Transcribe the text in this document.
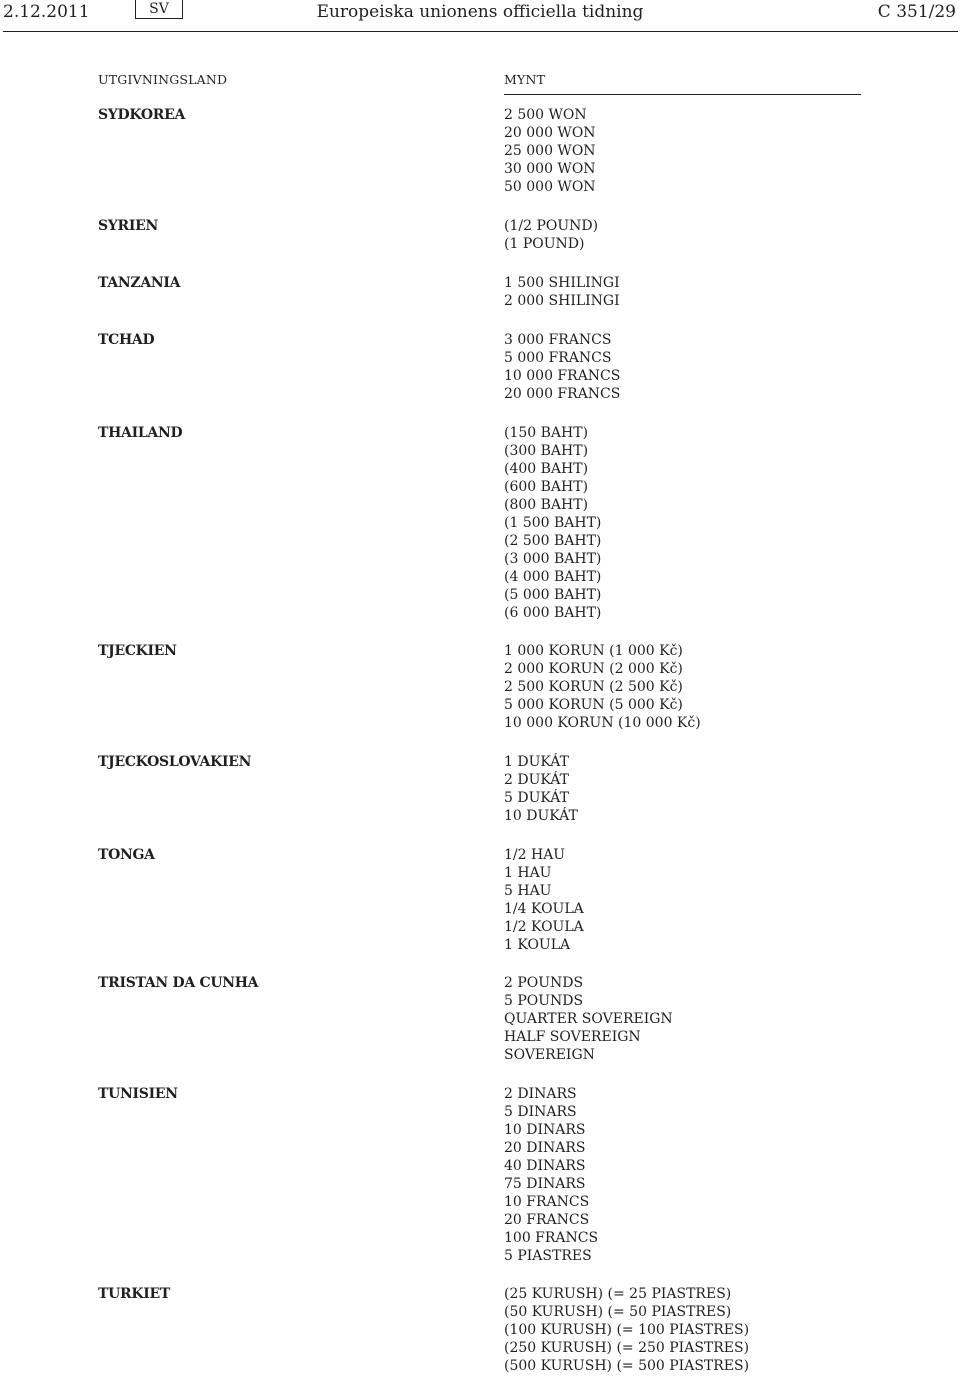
2.12.2011	SV	Europeiska unionens officiella tidning	C 351/29
UTGIVNINGSLAND	MYNT
SYDKOREA	2 500 WON
20 000 WON
25 000 WON
30 000 WON
50 000 WON
SYRIEN	(1/2 POUND)
(1 POUND)
TANZANIA	1 500 SHILINGI
2 000 SHILINGI
TCHAD	3 000 FRANCS
5 000 FRANCS
10 000 FRANCS
20 000 FRANCS
THAILAND	(150 BAHT)
(300 BAHT)
(400 BAHT)
(600 BAHT)
(800 BAHT)
(1 500 BAHT)
(2 500 BAHT)
(3 000 BAHT)
(4 000 BAHT)
(5 000 BAHT)
(6 000 BAHT)
TJECKIEN	1 000 KORUN (1 000 Kč)
2 000 KORUN (2 000 Kč)
2 500 KORUN (2 500 Kč)
5 000 KORUN (5 000 Kč)
10 000 KORUN (10 000 Kč)
TJECKOSLOVAKIEN	1 DUKÁT
2 DUKÁT
5 DUKÁT
10 DUKÁT
TONGA	1/2 HAU
1 HAU
5 HAU
1/4 KOULA
1/2 KOULA
1 KOULA
TRISTAN DA CUNHA	2 POUNDS
5 POUNDS
QUARTER SOVEREIGN
HALF SOVEREIGN
SOVEREIGN
TUNISIEN	2 DINARS
5 DINARS
10 DINARS
20 DINARS
40 DINARS
75 DINARS
10 FRANCS
20 FRANCS
100 FRANCS
5 PIASTRES
TURKIET	(25 KURUSH) (= 25 PIASTRES)
(50 KURUSH) (= 50 PIASTRES)
(100 KURUSH) (= 100 PIASTRES)
(250 KURUSH) (= 250 PIASTRES)
(500 KURUSH) (= 500 PIASTRES)
